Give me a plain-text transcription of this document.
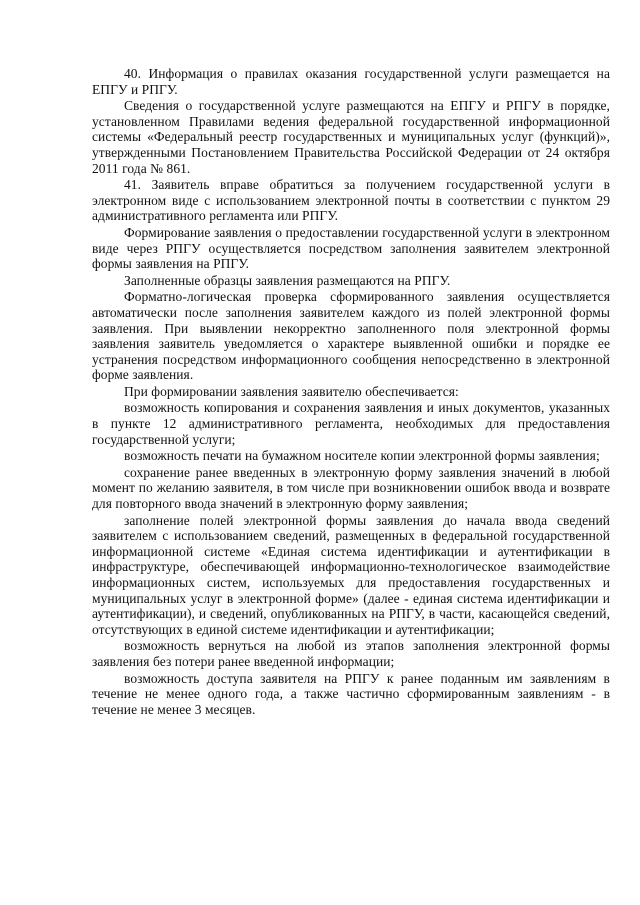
40. Информация о правилах оказания государственной услуги размещается на ЕПГУ и РПГУ.

Сведения о государственной услуге размещаются на ЕПГУ и РПГУ в порядке, установленном Правилами ведения федеральной государственной информационной системы «Федеральный реестр государственных и муниципальных услуг (функций)», утвержденными Постановлением Правительства Российской Федерации от 24 октября 2011 года № 861.

41. Заявитель вправе обратиться за получением государственной услуги в электронном виде с использованием электронной почты в соответствии с пунктом 29 административного регламента или РПГУ.

Формирование заявления о предоставлении государственной услуги в электронном виде через РПГУ осуществляется посредством заполнения заявителем электронной формы заявления на РПГУ.

Заполненные образцы заявления размещаются на РПГУ.

Форматно-логическая проверка сформированного заявления осуществляется автоматически после заполнения заявителем каждого из полей электронной формы заявления. При выявлении некорректно заполненного поля электронной формы заявления заявитель уведомляется о характере выявленной ошибки и порядке ее устранения посредством информационного сообщения непосредственно в электронной форме заявления.

При формировании заявления заявителю обеспечивается:

возможность копирования и сохранения заявления и иных документов, указанных в пункте 12 административного регламента, необходимых для предоставления государственной услуги;

возможность печати на бумажном носителе копии электронной формы заявления;

сохранение ранее введенных в электронную форму заявления значений в любой момент по желанию заявителя, в том числе при возникновении ошибок ввода и возврате для повторного ввода значений в электронную форму заявления;

заполнение полей электронной формы заявления до начала ввода сведений заявителем с использованием сведений, размещенных в федеральной государственной информационной системе «Единая система идентификации и аутентификации в инфраструктуре, обеспечивающей информационно-технологическое взаимодействие информационных систем, используемых для предоставления государственных и муниципальных услуг в электронной форме» (далее - единая система идентификации и аутентификации), и сведений, опубликованных на РПГУ, в части, касающейся сведений, отсутствующих в единой системе идентификации и аутентификации;

возможность вернуться на любой из этапов заполнения электронной формы заявления без потери ранее введенной информации;

возможность доступа заявителя на РПГУ к ранее поданным им заявлениям в течение не менее одного года, а также частично сформированным заявлениям - в течение не менее 3 месяцев.
